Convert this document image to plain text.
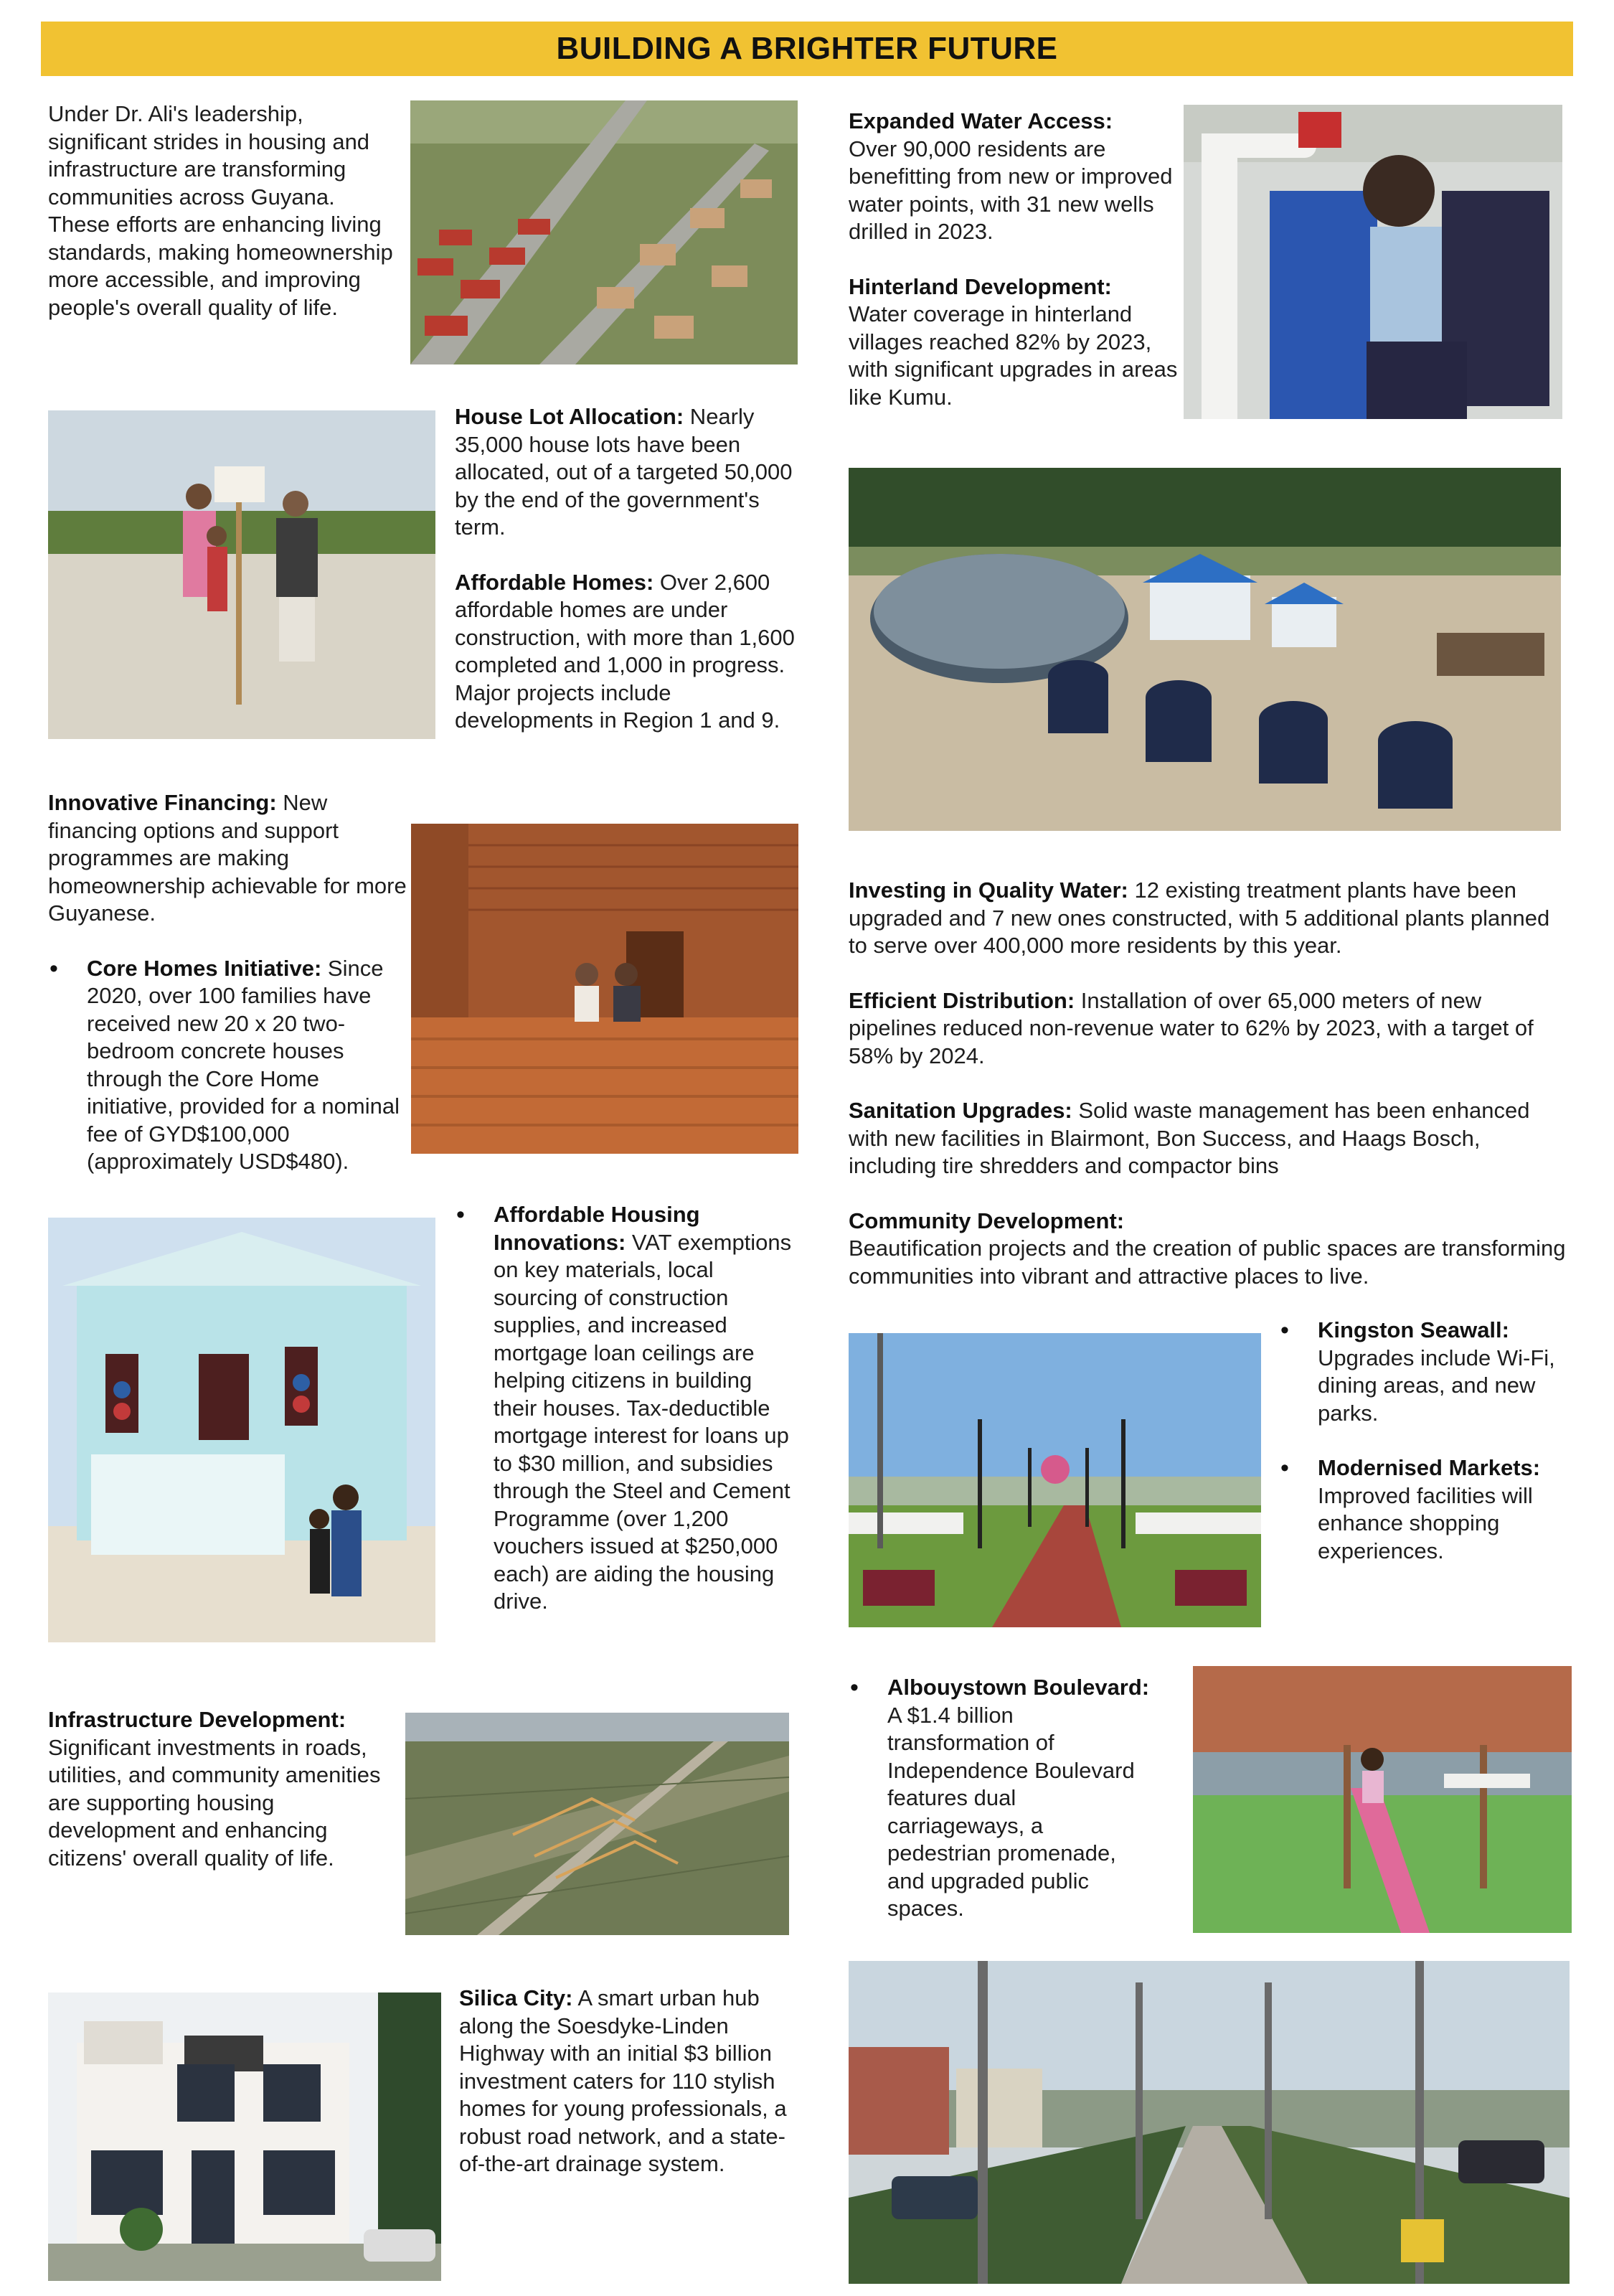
BUILDING A BRIGHTER FUTURE

Under Dr. Ali's leadership, significant strides in housing and infrastructure are transforming communities across Guyana. These efforts are enhancing living standards, making homeownership more accessible, and improving people's overall quality of life.

House Lot Allocation: Nearly 35,000 house lots have been allocated, out of a targeted 50,000 by the end of the government's term.

Affordable Homes: Over 2,600 affordable homes are under construction, with more than 1,600 completed and 1,000 in progress. Major projects include developments in Region 1 and 9.

Innovative Financing: New financing options and support programmes are making homeownership achievable for more Guyanese.

• Core Homes Initiative: Since 2020, over 100 families have received new 20 x 20 two-bedroom concrete houses through the Core Home initiative, provided for a nominal fee of GYD$100,000 (approximately USD$480).

• Affordable Housing Innovations: VAT exemptions on key materials, local sourcing of construction supplies, and increased mortgage loan ceilings are helping citizens in building their houses. Tax-deductible mortgage interest for loans up to $30 million, and subsidies through the Steel and Cement Programme (over 1,200 vouchers issued at $250,000 each) are aiding the housing drive.

Infrastructure Development:
Significant investments in roads, utilities, and community amenities are supporting housing development and enhancing citizens' overall quality of life.

Silica City: A smart urban hub along the Soesdyke-Linden Highway with an initial $3 billion investment caters for 110 stylish homes for young professionals, a robust road network, and a state-of-the-art drainage system.

Expanded Water Access:
Over 90,000 residents are benefitting from new or improved water points, with 31 new wells drilled in 2023.

Hinterland Development:
Water coverage in hinterland villages reached 82% by 2023, with significant upgrades in areas like Kumu.

Investing in Quality Water: 12 existing treatment plants have been upgraded and 7 new ones constructed, with 5 additional plants planned to serve over 400,000 more residents by this year.

Efficient Distribution: Installation of over 65,000 meters of new pipelines reduced non-revenue water to 62% by 2023, with a target of 58% by 2024.

Sanitation Upgrades: Solid waste management has been enhanced with new facilities in Blairmont, Bon Success, and Haags Bosch, including tire shredders and compactor bins

Community Development:
Beautification projects and the creation of public spaces are transforming communities into vibrant and attractive places to live.

• Kingston Seawall:
Upgrades include Wi-Fi, dining areas, and new parks.

• Modernised Markets:
Improved facilities will enhance shopping experiences.

• Albouystown Boulevard: A $1.4 billion transformation of Independence Boulevard features dual carriageways, a pedestrian promenade, and upgraded public spaces.
